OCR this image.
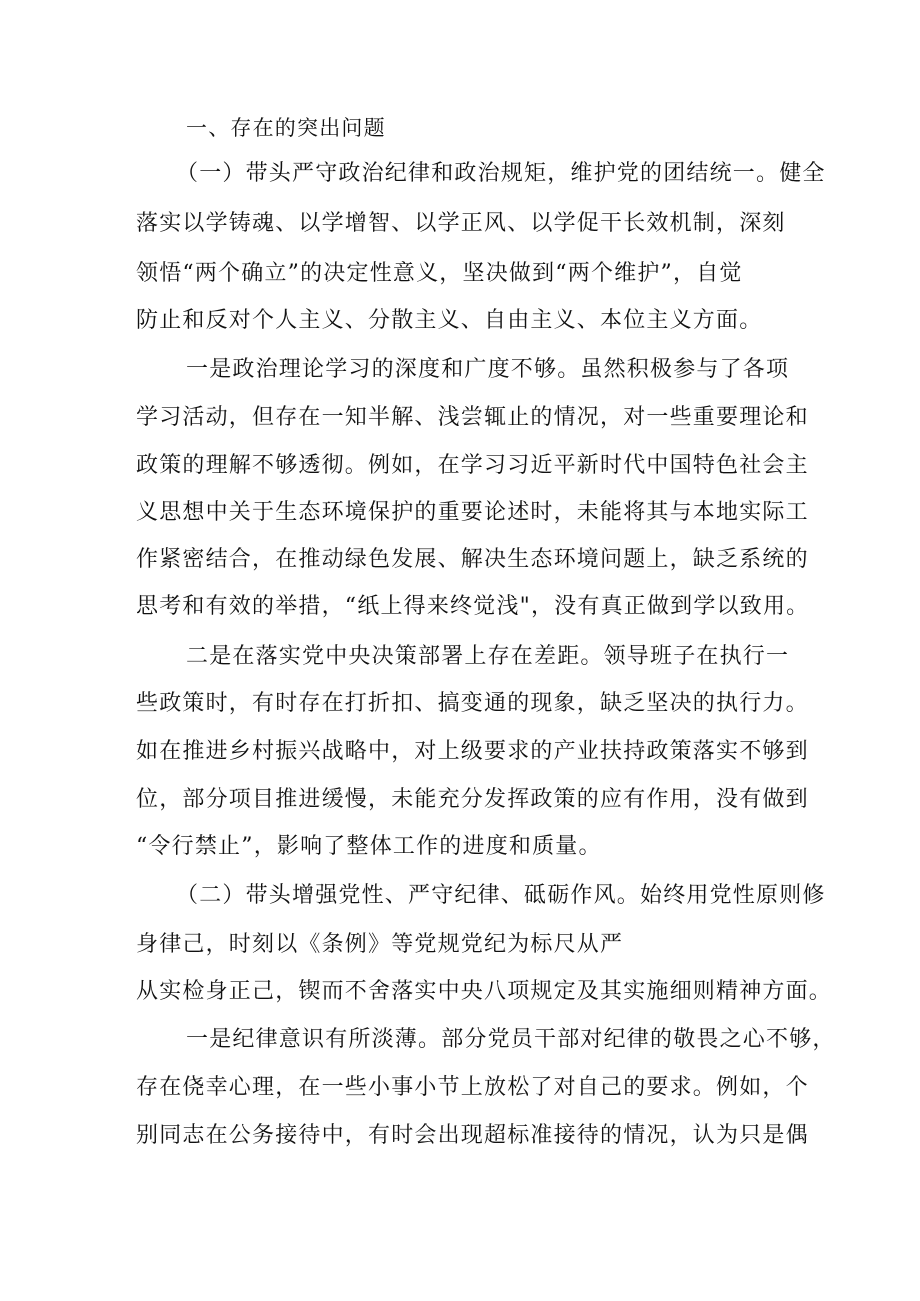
一、存在的突出问题
（一）带头严守政治纪律和政治规矩，维护党的团结统一。健全
落实以学铸魂、以学增智、以学正风、以学促干长效机制，深刻
领悟“两个确立”的决定性意义，坚决做到“两个维护”，自觉
防止和反对个人主义、分散主义、自由主义、本位主义方面。
一是政治理论学习的深度和广度不够。虽然积极参与了各项
学习活动，但存在一知半解、浅尝辄止的情况，对一些重要理论和
政策的理解不够透彻。例如，在学习习近平新时代中国特色社会主
义思想中关于生态环境保护的重要论述时，未能将其与本地实际工
作紧密结合，在推动绿色发展、解决生态环境问题上，缺乏系统的
思考和有效的举措，“纸上得来终觉浅"，没有真正做到学以致用。
二是在落实党中央决策部署上存在差距。领导班子在执行一
些政策时，有时存在打折扣、搞变通的现象，缺乏坚决的执行力。
如在推进乡村振兴战略中，对上级要求的产业扶持政策落实不够到
位，部分项目推进缓慢，未能充分发挥政策的应有作用，没有做到
“令行禁止”，影响了整体工作的进度和质量。
（二）带头增强党性、严守纪律、砥砺作风。始终用党性原则修
身律己，时刻以《条例》等党规党纪为标尺从严
从实检身正己，锲而不舍落实中央八项规定及其实施细则精神方面。
一是纪律意识有所淡薄。部分党员干部对纪律的敬畏之心不够，
存在侥幸心理，在一些小事小节上放松了对自己的要求。例如，个
别同志在公务接待中，有时会出现超标准接待的情况，认为只是偶
